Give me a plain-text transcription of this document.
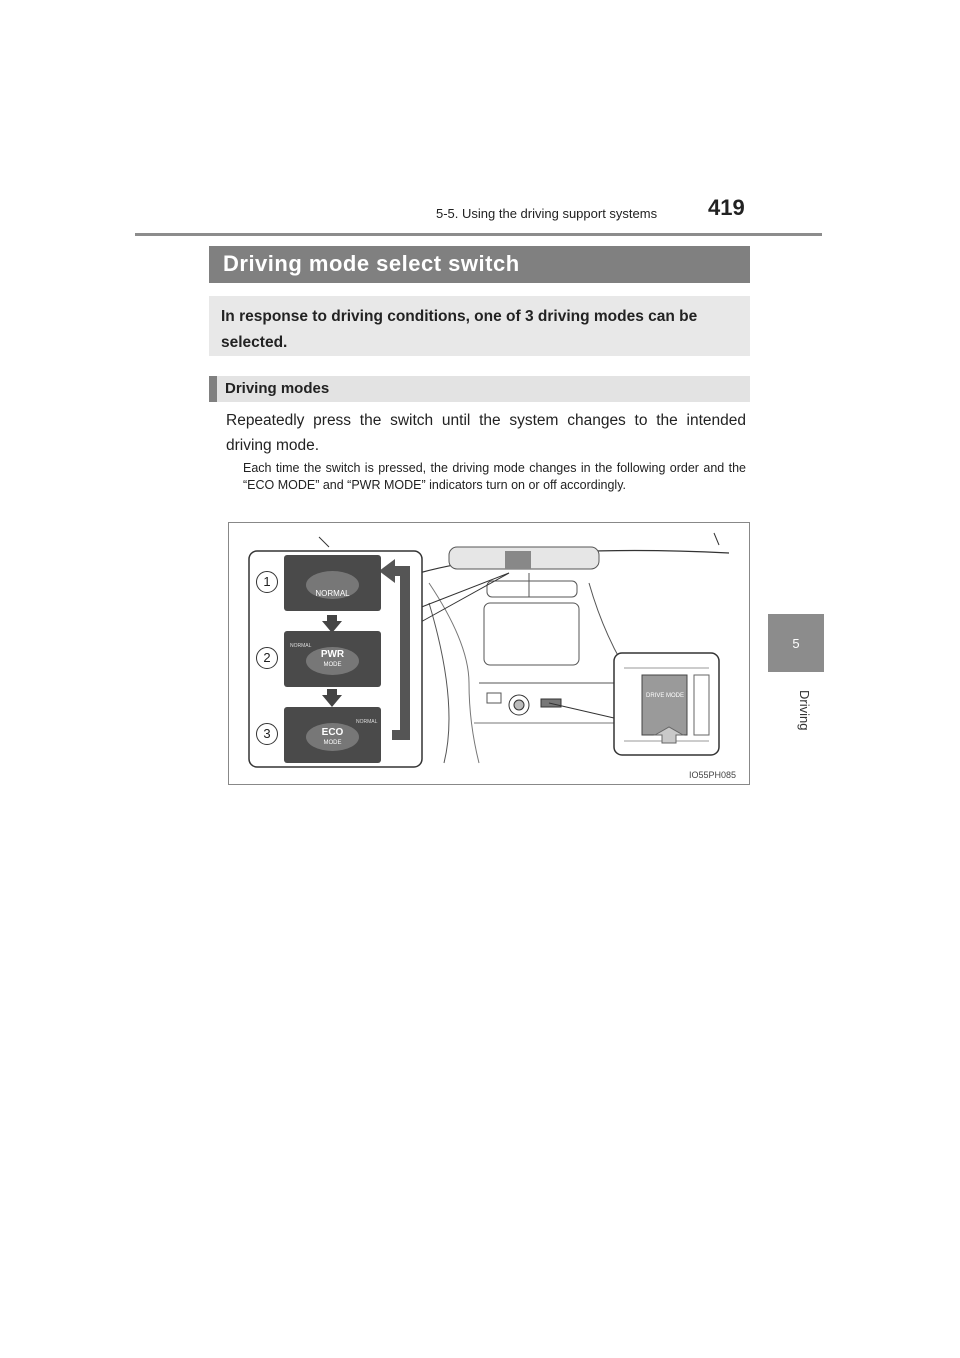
5-5. Using the driving support systems 419
5
Driving
Driving mode select switch
In response to driving conditions, one of 3 driving modes can be selected.
Driving modes
Repeatedly press the switch until the system changes to the intended driving mode.
Each time the switch is pressed, the driving mode changes in the following order and the “ECO MODE” and “PWR MODE” indicators turn on or off accordingly.
1
2
3
NORMAL
NORMAL
PWR
MODE
NORMAL
ECO
MODE
DRIVE MODE
IO55PH085
